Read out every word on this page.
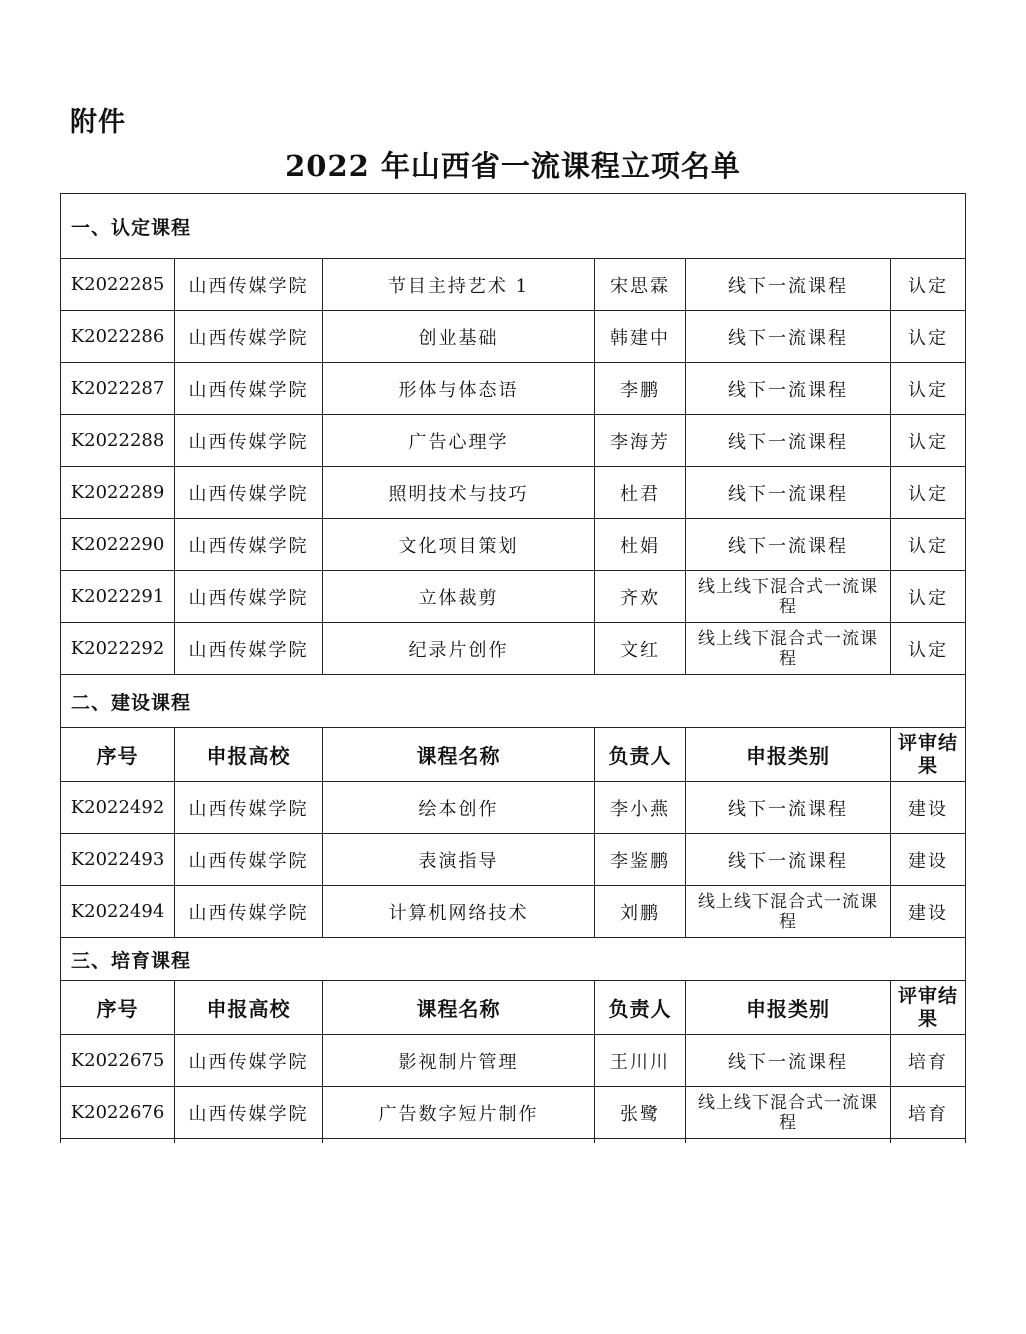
附件
2022 年山西省一流课程立项名单
一、认定课程					
K2022285	山西传媒学院	节目主持艺术 1	宋思霖	线下一流课程	认定
K2022286	山西传媒学院	创业基础	韩建中	线下一流课程	认定
K2022287	山西传媒学院	形体与体态语	李鹏	线下一流课程	认定
K2022288	山西传媒学院	广告心理学	李海芳	线下一流课程	认定
K2022289	山西传媒学院	照明技术与技巧	杜君	线下一流课程	认定
K2022290	山西传媒学院	文化项目策划	杜娟	线下一流课程	认定
K2022291	山西传媒学院	立体裁剪	齐欢	线上线下混合式一流课程	认定
K2022292	山西传媒学院	纪录片创作	文红	线上线下混合式一流课程	认定
二、建设课程					
序号	申报高校	课程名称	负责人	申报类别	评审结果
K2022492	山西传媒学院	绘本创作	李小燕	线下一流课程	建设
K2022493	山西传媒学院	表演指导	李鉴鹏	线下一流课程	建设
K2022494	山西传媒学院	计算机网络技术	刘鹏	线上线下混合式一流课程	建设
三、培育课程					
序号	申报高校	课程名称	负责人	申报类别	评审结果
K2022675	山西传媒学院	影视制片管理	王川川	线下一流课程	培育
K2022676	山西传媒学院	广告数字短片制作	张鹭	线上线下混合式一流课程	培育
